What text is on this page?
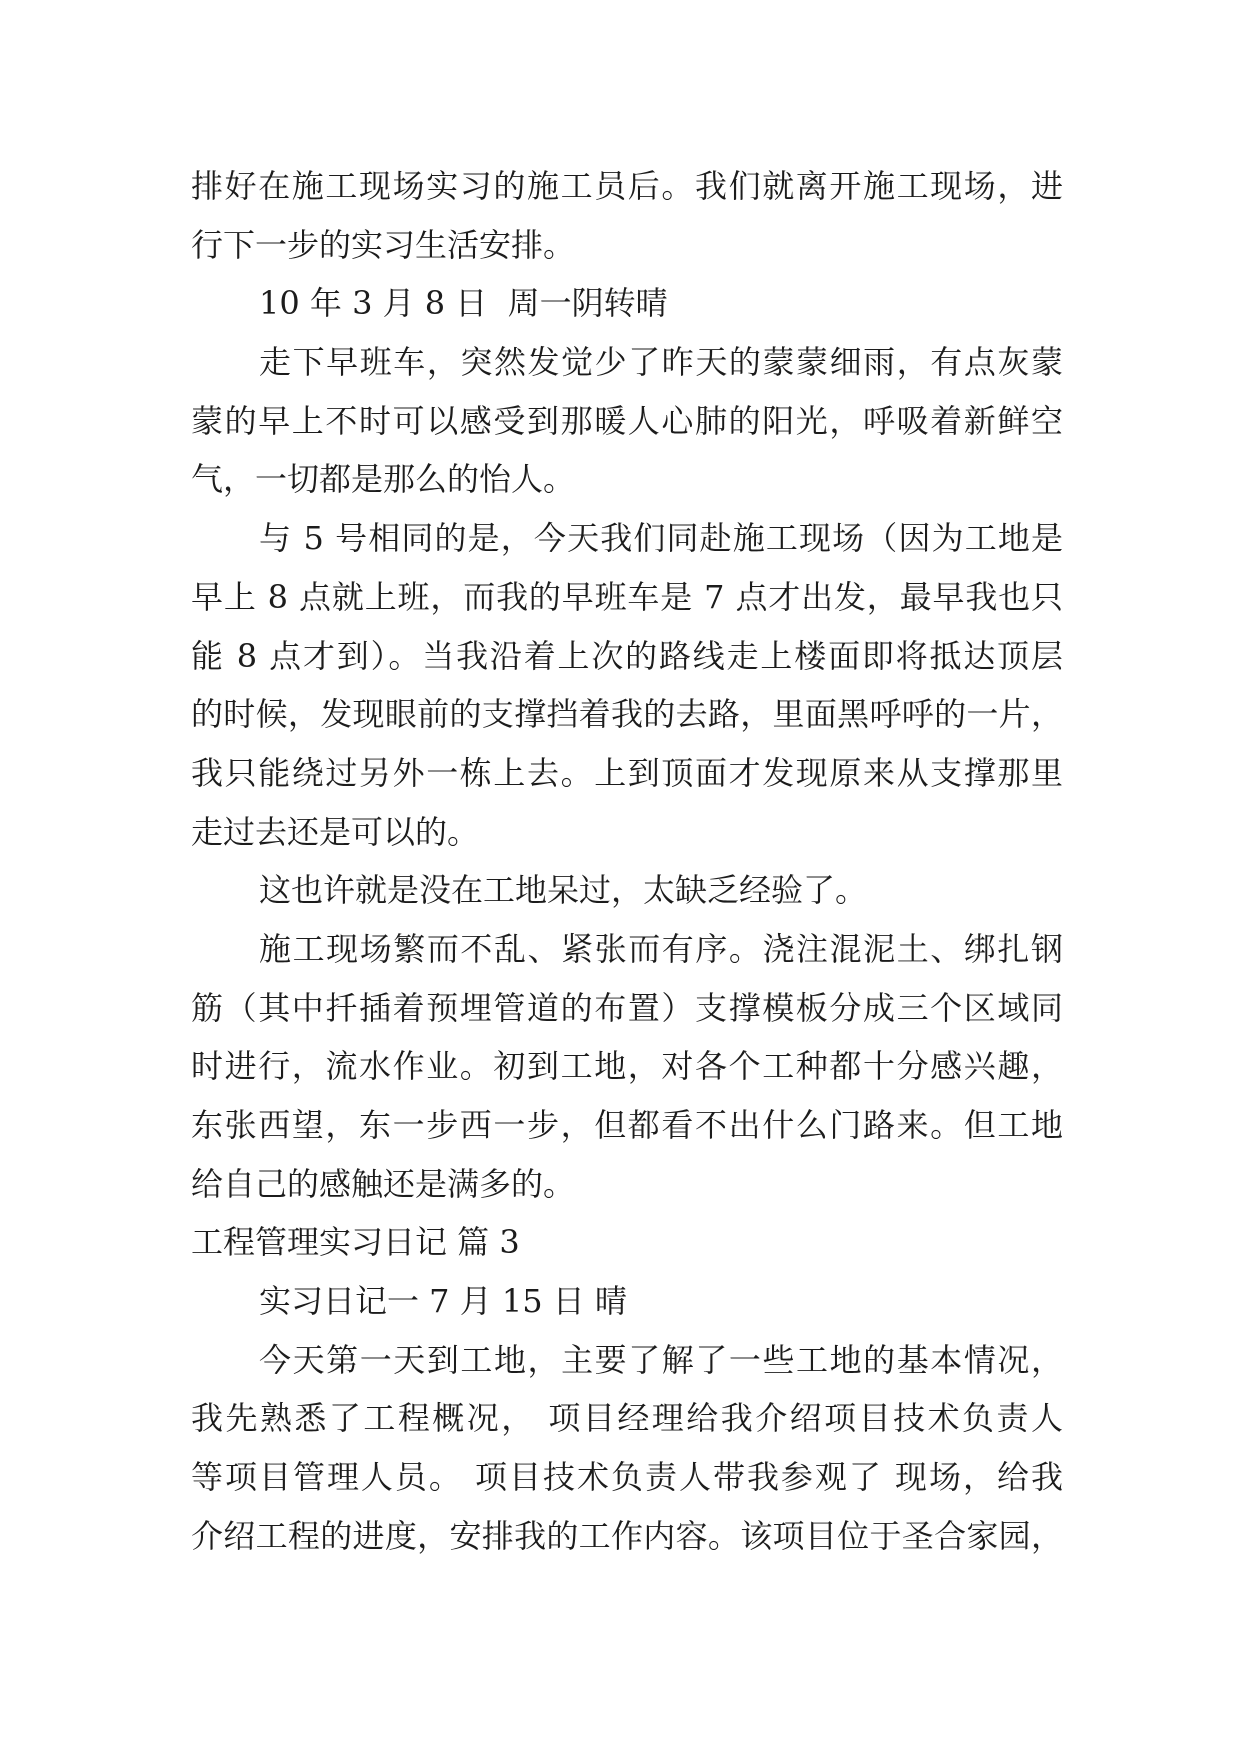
排好在施工现场实习的施工员后。我们就离开施工现场，进
行下一步的实习生活安排。
10 年 3 月 8 日  周一阴转晴
走下早班车，突然发觉少了昨天的蒙蒙细雨，有点灰蒙
蒙的早上不时可以感受到那暖人心肺的阳光，呼吸着新鲜空
气，一切都是那么的怡人。
与 5 号相同的是，今天我们同赴施工现场（因为工地是
早上 8 点就上班，而我的早班车是 7 点才出发，最早我也只
能 8 点才到）。当我沿着上次的路线走上楼面即将抵达顶层
的时候，发现眼前的支撑挡着我的去路，里面黑呼呼的一片，
我只能绕过另外一栋上去。上到顶面才发现原来从支撑那里
走过去还是可以的。
这也许就是没在工地呆过，太缺乏经验了。
施工现场繁而不乱、紧张而有序。浇注混泥土、绑扎钢
筋（其中扦插着预埋管道的布置）支撑模板分成三个区域同
时进行，流水作业。初到工地，对各个工种都十分感兴趣，
东张西望，东一步西一步，但都看不出什么门路来。但工地
给自己的感触还是满多的。
工程管理实习日记 篇 3
实习日记一 7 月 15 日 晴
今天第一天到工地，主要了解了一些工地的基本情况，
我先熟悉了工程概况， 项目经理给我介绍项目技术负责人
等项目管理人员。 项目技术负责人带我参观了 现场，给我
介绍工程的进度，安排我的工作内容。该项目位于圣合家园，
